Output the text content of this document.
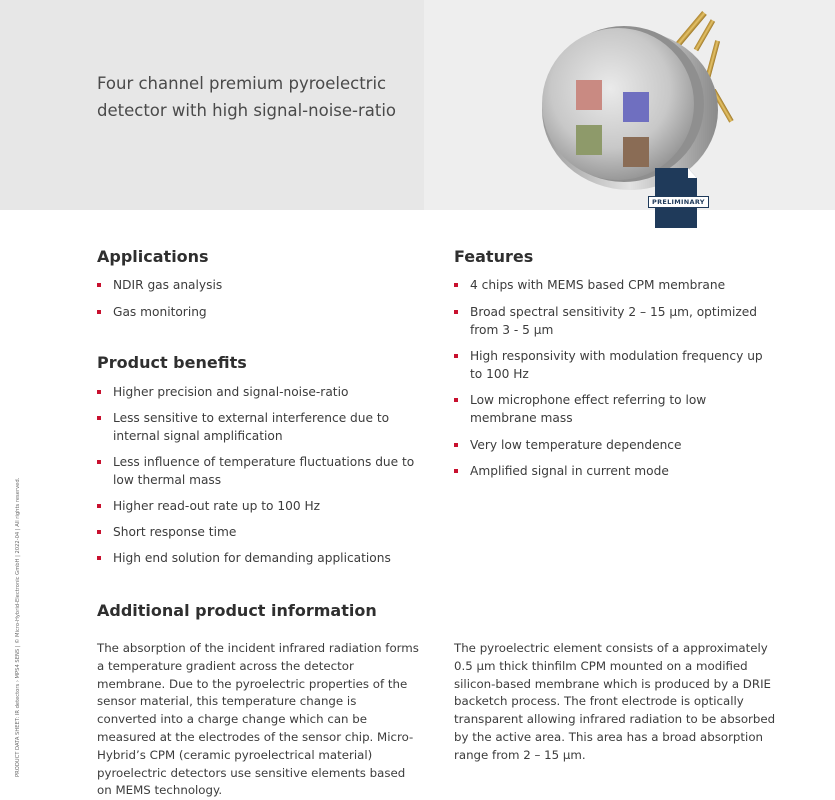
Four channel premium pyroelectric detector with high signal-noise-ratio
PRELIMINARY
Applications
NDIR gas analysis
Gas monitoring
Product benefits
Higher precision and signal-noise-ratio
Less sensitive to external interference due to internal signal amplification
Less influence of temperature fluctuations due to low thermal mass
Higher read-out rate up to 100 Hz
Short response time
High end solution for demanding applications
Features
4 chips with MEMS based CPM membrane
Broad spectral sensitivity 2 – 15 µm, optimized from 3 - 5 µm
High responsivity with modulation frequency up to 100 Hz
Low microphone effect referring to low membrane mass
Very low temperature dependence
Amplified signal in current mode
Additional product information

The absorption of the incident infrared radiation forms a temperature gradient across the detector membrane. Due to the pyroelectric properties of the sensor material, this temperature change is converted into a charge change which can be measured at the electrodes of the sensor chip. Micro-Hybrid’s CPM (ceramic pyroelectrical material) pyroelectric detectors use sensitive elements based on MEMS technology.

The pyroelectric element consists of a approximately 0.5 µm thick thinfilm CPM mounted on a modified silicon-based membrane which is produced by a DRIE backetch process. The front electrode is optically transparent allowing infrared radiation to be absorbed by the active area. This area has a broad absorption range from 2 – 15 µm.

PRODUCT DATA SHEET: IR detectors › MPS4 SENS | © Micro-Hybrid-Electronic GmbH | 2022-04 | All rights reserved.
